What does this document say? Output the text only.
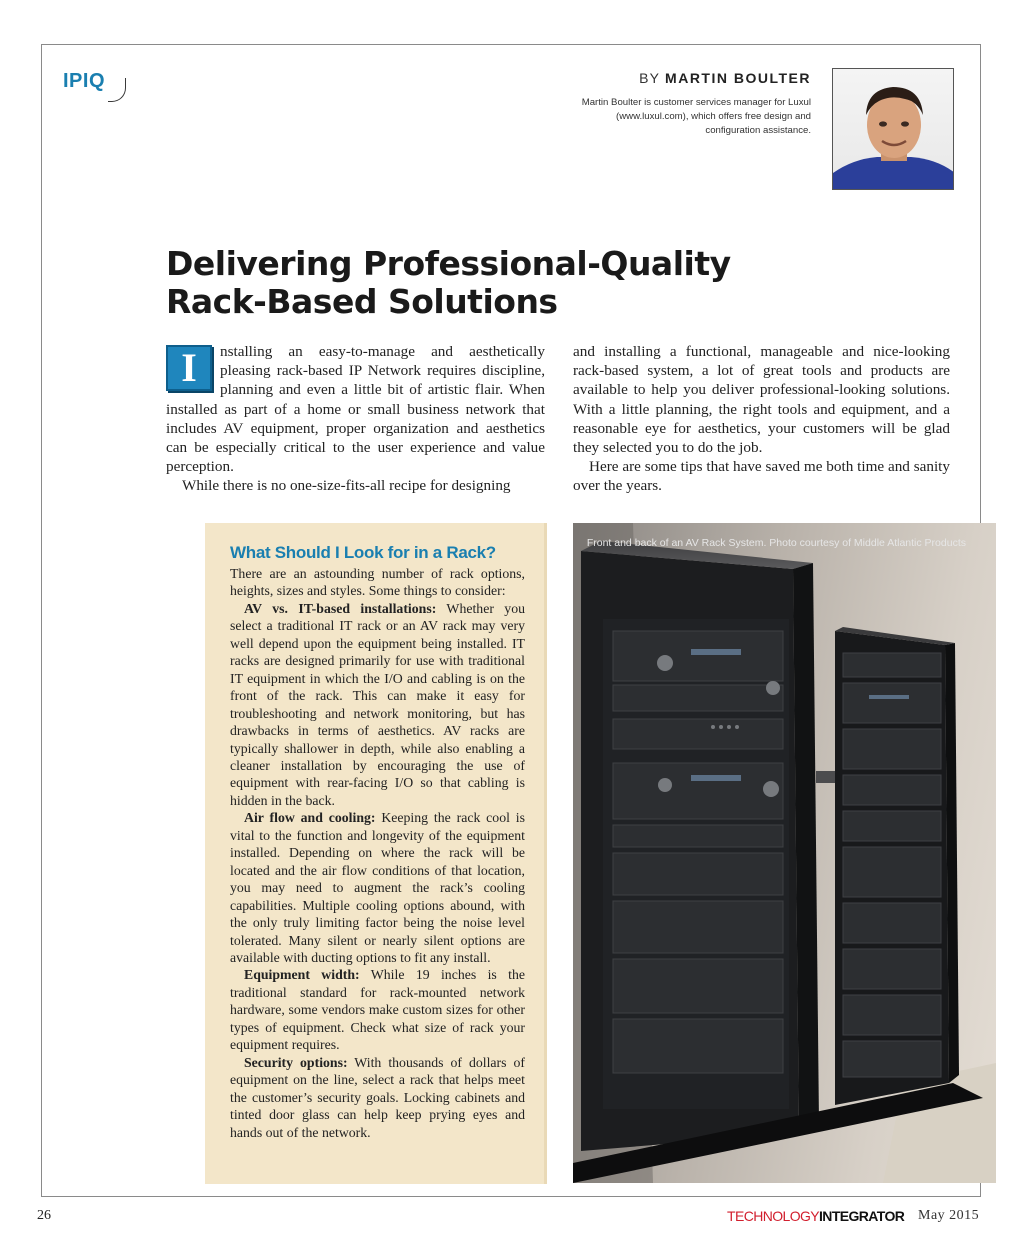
IPIQ	BY MARTIN BOULTER
Martin Boulter is customer services manager for Luxul (www.luxul.com), which offers free design and configuration assistance.
Delivering Professional-Quality
Rack-Based Solutions

I	nstalling an easy-to-manage and aesthetically pleasing rack-based IP Network requires discipline, planning and even a little bit of artistic flair. When installed as part of a home or small business network that includes AV equipment, proper organization and aesthetics can be especially critical to the user experience and value perception.

While there is no one-size-fits-all recipe for designing

and installing a functional, manageable and nice-looking rack-based system, a lot of great tools and products are available to help you deliver professional-looking solutions. With a little planning, the right tools and equipment, and a reasonable eye for aesthetics, your customers will be glad they selected you to do the job.

Here are some tips that have saved me both time and sanity over the years.

What Should I Look for in a Rack?

There are an astounding number of rack options, heights, sizes and styles. Some things to consider:

AV vs. IT-based installations: Whether you select a traditional IT rack or an AV rack may very well depend upon the equipment being installed. IT racks are designed primarily for use with traditional IT equipment in which the I/O and cabling is on the front of the rack. This can make it easy for troubleshooting and network monitoring, but has drawbacks in terms of aesthetics. AV racks are typically shallower in depth, while also enabling a cleaner installation by encouraging the use of equipment with rear-facing I/O so that cabling is hidden in the back.

Air flow and cooling: Keeping the rack cool is vital to the function and longevity of the equipment installed. Depending on where the rack will be located and the air flow conditions of that location, you may need to augment the rack’s cooling capabilities. Multiple cooling options abound, with the only truly limiting factor being the noise level tolerated. Many silent or nearly silent options are available with ducting options to fit any install.

Equipment width: While 19 inches is the traditional standard for rack-mounted network hardware, some vendors make custom sizes for other types of equipment. Check what size of rack your equipment requires.

Security options: With thousands of dollars of equipment on the line, select a rack that helps meet the customer’s security goals. Locking cabinets and tinted door glass can help keep prying eyes and hands out of the network.

Front and back of an AV Rack System. Photo courtesy of Middle Atlantic Products
26	TECHNOLOGYINTEGRATOR May 2015
